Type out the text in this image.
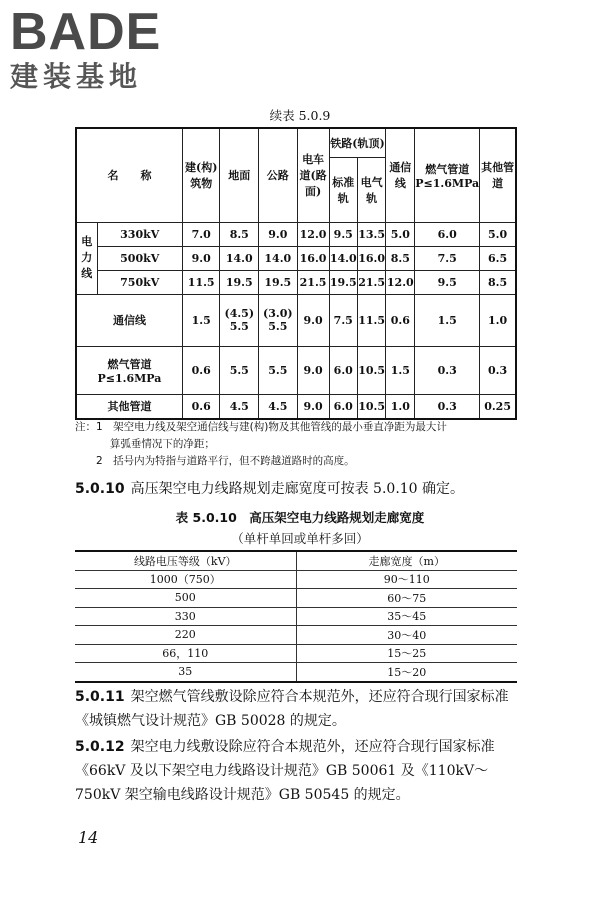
BADE
建装基地
续表 5.0.9
名　　称		建(构)筑物	地面	公路	电车道(路面)	铁路(轨顶)		通信线	燃气管道P≤1.6MPa	其他管道
						标准轨	电气轨			
电力线	330kV	7.0	8.5	9.0	12.0	9.5	13.5	5.0	6.0	5.0
	500kV	9.0	14.0	14.0	16.0	14.0	16.0	8.5	7.5	6.5
	750kV	11.5	19.5	19.5	21.5	19.5	21.5	12.0	9.5	8.5
通信线		1.5	(4.5) 5.5	(3.0) 5.5	9.0	7.5	11.5	0.6	1.5	1.0
燃气管道 P≤1.6MPa		0.6	5.5	5.5	9.0	6.0	10.5	1.5	0.3	0.3
其他管道		0.6	4.5	4.5	9.0	6.0	10.5	1.0	0.3	0.25
注：1　架空电力线及架空通信线与建(构)物及其他管线的最小垂直净距为最大计
　　　 算弧垂情况下的净距；
　　2　括号内为特指与道路平行，但不跨越道路时的高度。
5.0.10 高压架空电力线路规划走廊宽度可按表 5.0.10 确定。
表 5.0.10　高压架空电力线路规划走廊宽度
（单杆单回或单杆多回）
线路电压等级（kV）	走廊宽度（m）
1000（750）	90～110
500	60～75
330	35～45
220	30～40
66，110	15～25
35	15～20
5.0.11 架空燃气管线敷设除应符合本规范外，还应符合现行国家标准《城镇燃气设计规范》GB 50028 的规定。
5.0.12 架空电力线敷设除应符合本规范外，还应符合现行国家标准《66kV 及以下架空电力线路设计规范》GB 50061 及《110kV～750kV 架空输电线路设计规范》GB 50545 的规定。
14
